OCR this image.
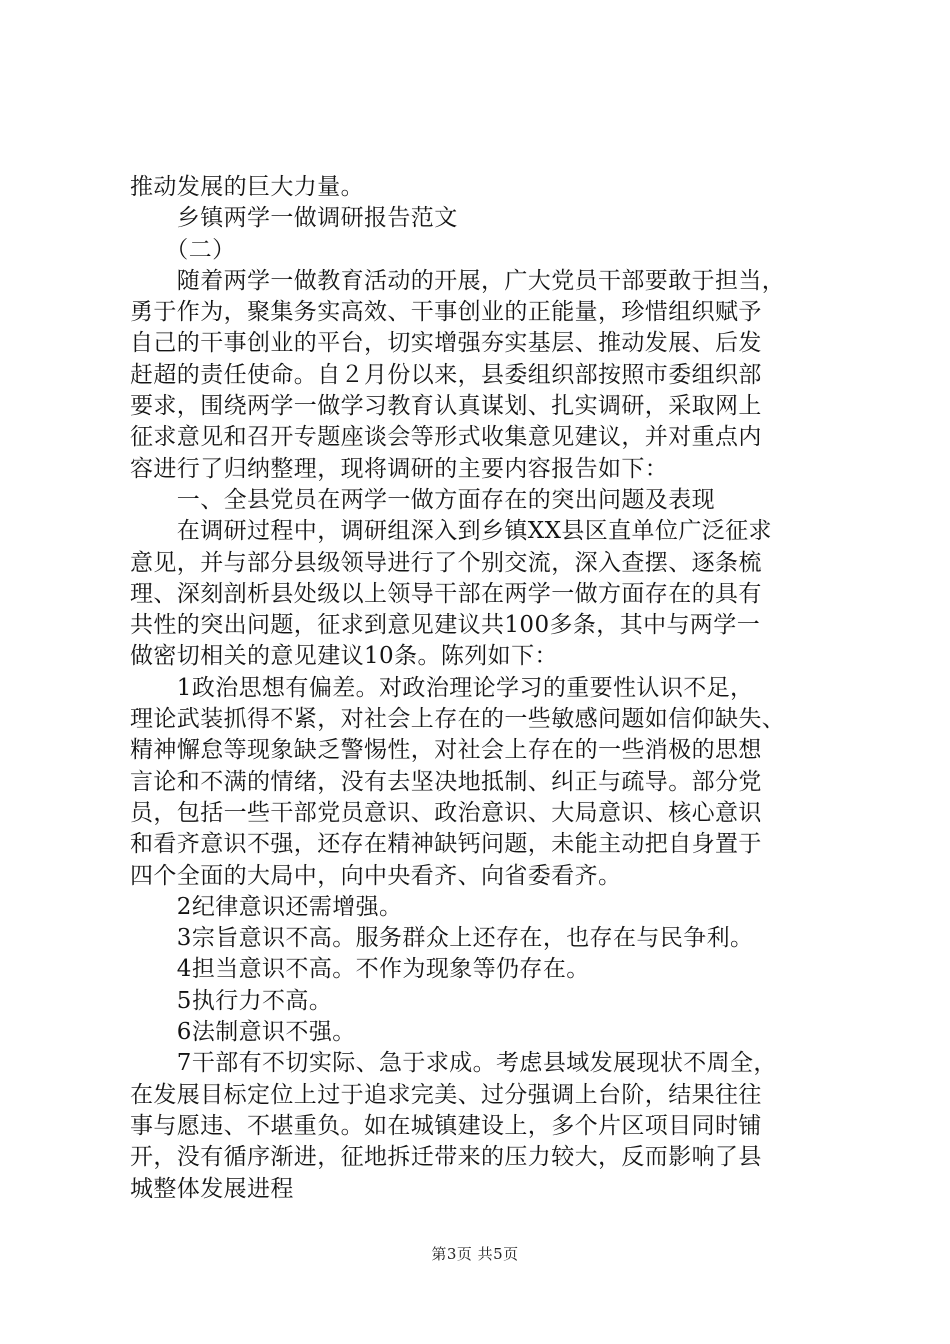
推动发展的巨大力量。
　　乡镇两学一做调研报告范文
　　（二）
　　随着两学一做教育活动的开展，广大党员干部要敢于担当，
勇于作为，聚集务实高效、干事创业的正能量，珍惜组织赋予
自己的干事创业的平台，切实增强夯实基层、推动发展、后发
赶超的责任使命。自２月份以来，县委组织部按照市委组织部
要求，围绕两学一做学习教育认真谋划、扎实调研，采取网上
征求意见和召开专题座谈会等形式收集意见建议，并对重点内
容进行了归纳整理，现将调研的主要内容报告如下：
　　一、全县党员在两学一做方面存在的突出问题及表现
　　在调研过程中，调研组深入到乡镇XX县区直单位广泛征求
意见，并与部分县级领导进行了个别交流，深入查摆、逐条梳
理、深刻剖析县处级以上领导干部在两学一做方面存在的具有
共性的突出问题，征求到意见建议共100多条，其中与两学一
做密切相关的意见建议10条。陈列如下：
　　1政治思想有偏差。对政治理论学习的重要性认识不足，
理论武装抓得不紧，对社会上存在的一些敏感问题如信仰缺失、
精神懈怠等现象缺乏警惕性，对社会上存在的一些消极的思想
言论和不满的情绪，没有去坚决地抵制、纠正与疏导。部分党
员，包括一些干部党员意识、政治意识、大局意识、核心意识
和看齐意识不强，还存在精神缺钙问题，未能主动把自身置于
四个全面的大局中，向中央看齐、向省委看齐。
　　2纪律意识还需增强。
　　3宗旨意识不高。服务群众上还存在，也存在与民争利。
　　4担当意识不高。不作为现象等仍存在。
　　5执行力不高。
　　6法制意识不强。
　　7干部有不切实际、急于求成。考虑县域发展现状不周全，
在发展目标定位上过于追求完美、过分强调上台阶，结果往往
事与愿违、不堪重负。如在城镇建设上，多个片区项目同时铺
开，没有循序渐进，征地拆迁带来的压力较大，反而影响了县
城整体发展进程
第3页 共5页
